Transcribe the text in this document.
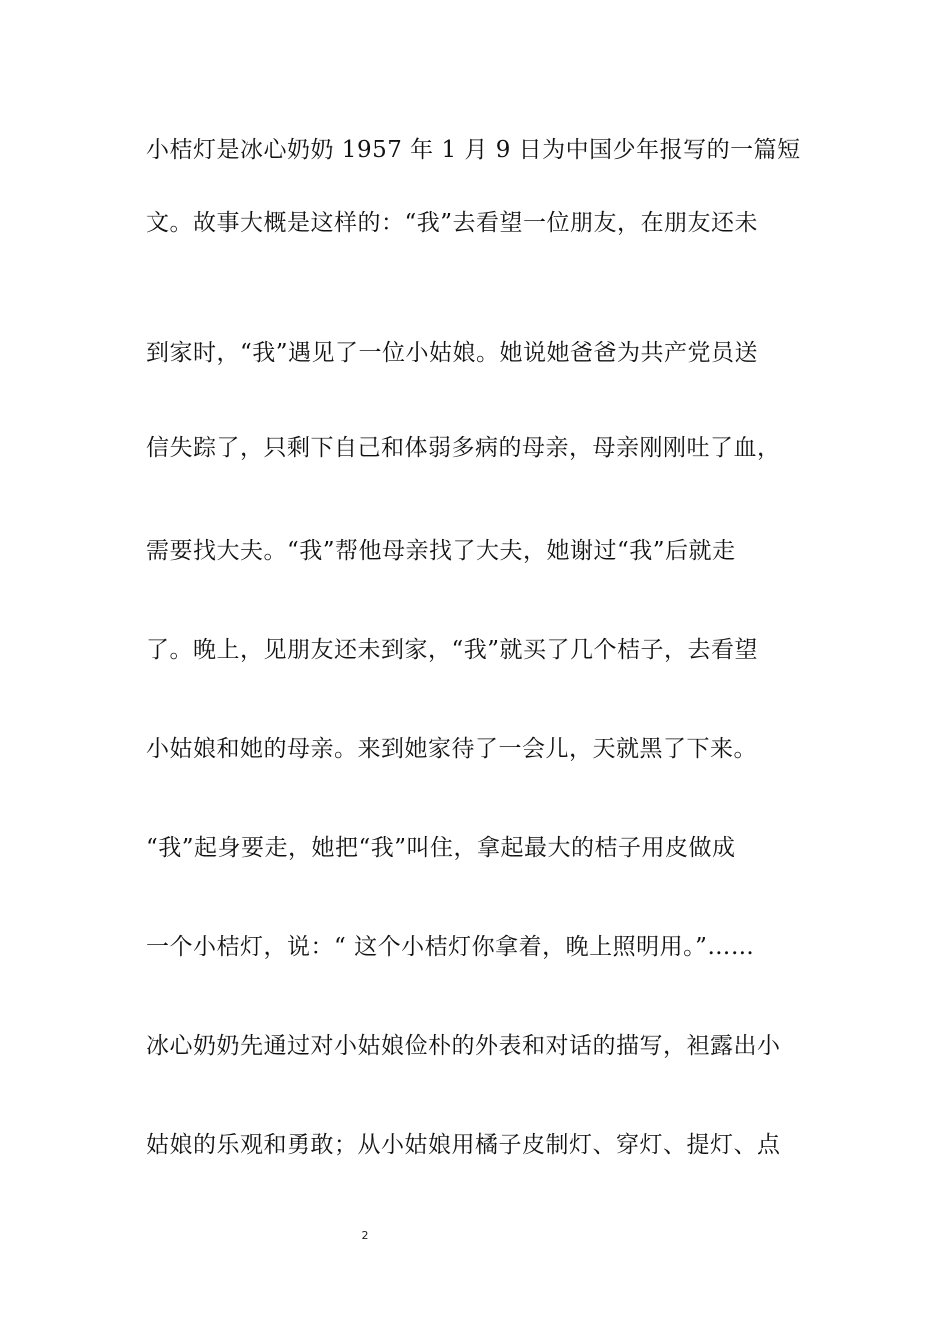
小桔灯是冰心奶奶 1957 年 1 月 9 日为中国少年报写的一篇短
文。故事大概是这样的：“我”去看望一位朋友，在朋友还未
到家时，“我”遇见了一位小姑娘。她说她爸爸为共产党员送
信失踪了，只剩下自己和体弱多病的母亲，母亲刚刚吐了血，
需要找大夫。“我”帮他母亲找了大夫，她谢过“我”后就走
了。晚上，见朋友还未到家，“我”就买了几个桔子，去看望
小姑娘和她的母亲。来到她家待了一会儿，天就黑了下来。
“我”起身要走，她把“我”叫住，拿起最大的桔子用皮做成
一个小桔灯，说：“ 这个小桔灯你拿着，晚上照明用。”……
冰心奶奶先通过对小姑娘俭朴的外表和对话的描写，袒露出小
姑娘的乐观和勇敢；从小姑娘用橘子皮制灯、穿灯、提灯、点
2
